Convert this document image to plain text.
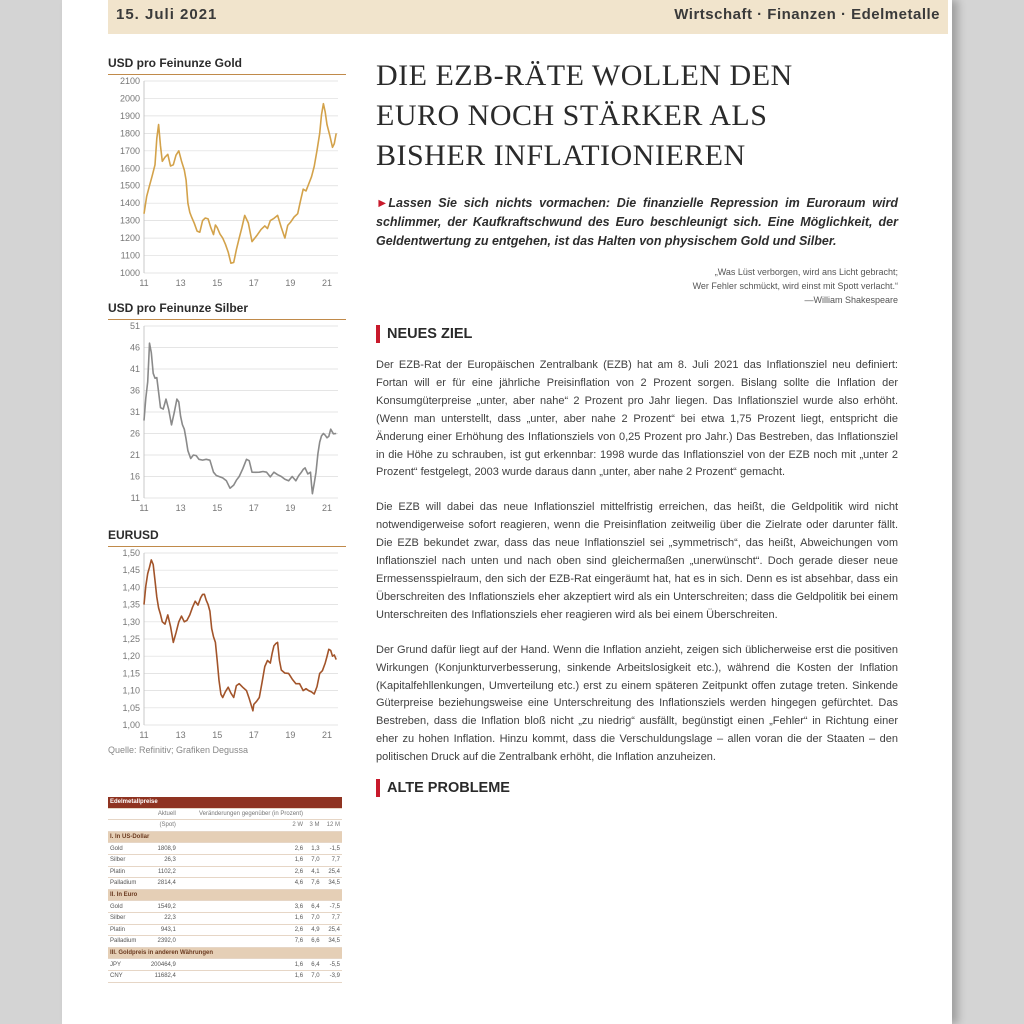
15. Juli 2021	Wirtschaft · Finanzen · Edelmetalle
USD pro Feinunze Gold
2100
2000
1900
1800
1700
1600
1500
1400
1300
1200
1100
1000
11	13	15	17	19	21
USD pro Feinunze Silber
51
46
41
36
31
26
21
16
11
11	13	15	17	19	21
EURUSD
1,50
1,45
1,40
1,35
1,30
1,25
1,20
1,15
1,10
1,05
1,00
11	13	15	17	19	21
Quelle: Refinitiv; Grafiken Degussa
Edelmetallpreise				
	Aktuell	Veränderungen gegenüber (in Prozent)		
	(Spot)	2 W	3 M	12 M
I. In US-Dollar				
Gold	1808,9	2,6	1,3	-1,5
Silber	26,3	1,6	7,0	7,7
Platin	1102,2	2,6	4,1	25,4
Palladium	2814,4	4,6	7,6	34,5
II. In Euro				
Gold	1549,2	3,6	6,4	-7,5
Silber	22,3	1,6	7,0	7,7
Platin	943,1	2,6	4,9	25,4
Palladium	2392,0	7,6	6,6	34,5
III. Goldpreis in anderen Währungen				
JPY	200464,9	1,6	6,4	-5,5
CNY	11682,4	1,6	7,0	-3,9
DIE EZB-RÄTE WOLLEN DEN
EURO NOCH STÄRKER ALS
BISHER INFLATIONIEREN

►Lassen Sie sich nichts vormachen: Die finanzielle Repression im Euroraum wird schlimmer, der Kaufkraftschwund des Euro beschleunigt sich. Eine Möglichkeit, der Geldentwertung zu entgehen, ist das Halten von physischem Gold und Silber.

„Was Lüst verborgen, wird ans Licht gebracht;
Wer Fehler schmückt, wird einst mit Spott verlacht.“
—William Shakespeare
NEUES ZIEL

Der EZB-Rat der Europäischen Zentralbank (EZB) hat am 8. Juli 2021 das Inflationsziel neu definiert: Fortan will er für eine jährliche Preisinflation von 2 Prozent sorgen. Bislang sollte die Inflation der Konsumgüterpreise „unter, aber nahe“ 2 Prozent pro Jahr liegen. Das Inflationsziel wurde also erhöht. (Wenn man unterstellt, dass „unter, aber nahe 2 Prozent“ bei etwa 1,75 Prozent liegt, entspricht die Änderung einer Erhöhung des Inflationsziels von 0,25 Prozent pro Jahr.) Das Bestreben, das Inflationsziel in die Höhe zu schrauben, ist gut erkennbar: 1998 wurde das Inflationsziel von der EZB noch mit „unter 2 Prozent“ festgelegt, 2003 wurde daraus dann „unter, aber nahe 2 Prozent“ gemacht.

Die EZB will dabei das neue Inflationsziel mittelfristig erreichen, das heißt, die Geldpolitik wird nicht notwendigerweise sofort reagieren, wenn die Preisinflation zeitweilig über die Zielrate oder darunter fällt. Die EZB bekundet zwar, dass das neue Inflationsziel sei „symmetrisch“, das heißt, Abweichungen vom Inflationsziel nach unten und nach oben sind gleichermaßen „unerwünscht“. Doch gerade dieser neue Ermessensspielraum, den sich der EZB-Rat eingeräumt hat, hat es in sich. Denn es ist absehbar, dass ein Überschreiten des Inflationsziels eher akzeptiert wird als ein Unterschreiten; dass die Geldpolitik bei einem Unterschreiten des Inflationsziels eher reagieren wird als bei einem Überschreiten.

Der Grund dafür liegt auf der Hand. Wenn die Inflation anzieht, zeigen sich üblicherweise erst die positiven Wirkungen (Konjunkturverbesserung, sinkende Arbeitslosigkeit etc.), während die Kosten der Inflation (Kapitalfehllenkungen, Umverteilung etc.) erst zu einem späteren Zeitpunkt offen zutage treten. Sinkende Güterpreise beziehungsweise eine Unterschreitung des Inflationsziels werden hingegen gefürchtet. Das Bestreben, dass die Inflation bloß nicht „zu niedrig“ ausfällt, begünstigt einen „Fehler“ in Richtung einer eher zu hohen Inflation. Hinzu kommt, dass die Verschuldungslage – allen voran die der Staaten – den politischen Druck auf die Zentralbank erhöht, die Inflation anzuheizen.

ALTE PROBLEME
